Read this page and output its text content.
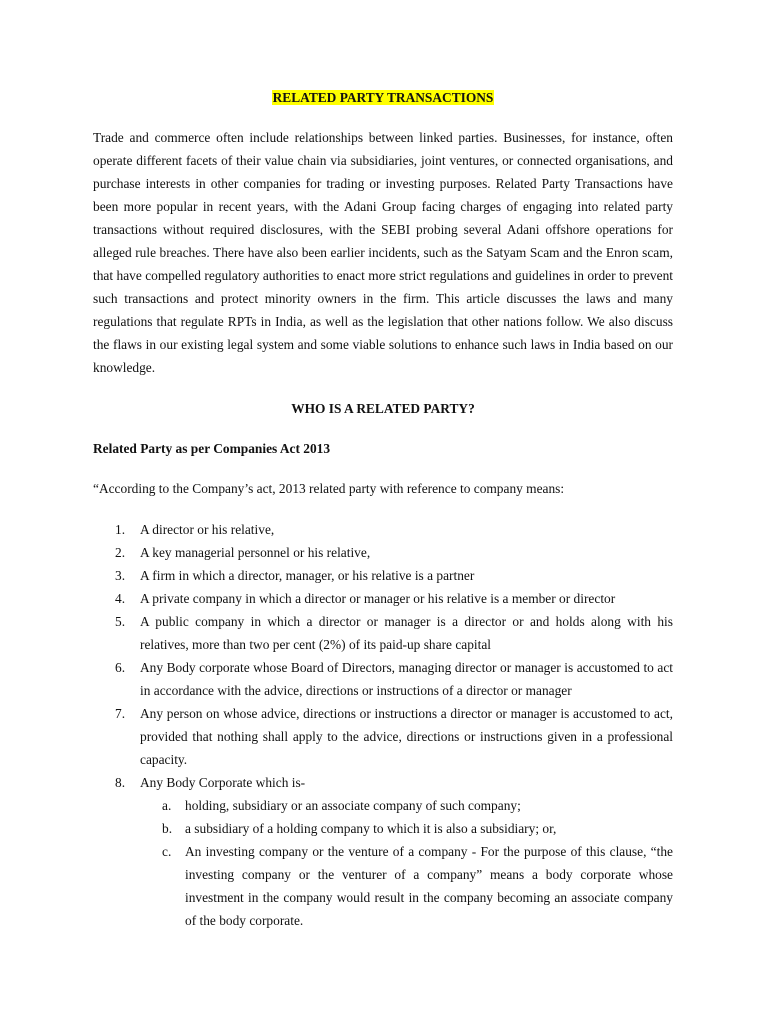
RELATED PARTY TRANSACTIONS

Trade and commerce often include relationships between linked parties. Businesses, for instance, often operate different facets of their value chain via subsidiaries, joint ventures, or connected organisations, and purchase interests in other companies for trading or investing purposes. Related Party Transactions have been more popular in recent years, with the Adani Group facing charges of engaging into related party transactions without required disclosures, with the SEBI probing several Adani offshore operations for alleged rule breaches. There have also been earlier incidents, such as the Satyam Scam and the Enron scam, that have compelled regulatory authorities to enact more strict regulations and guidelines in order to prevent such transactions and protect minority owners in the firm. This article discusses the laws and many regulations that regulate RPTs in India, as well as the legislation that other nations follow. We also discuss the flaws in our existing legal system and some viable solutions to enhance such laws in India based on our knowledge.

WHO IS A RELATED PARTY?
Related Party as per Companies Act 2013

“According to the Company’s act, 2013 related party with reference to company means:

1. A director or his relative,
2. A key managerial personnel or his relative,
3. A firm in which a director, manager, or his relative is a partner
4. A private company in which a director or manager or his relative is a member or director
5. A public company in which a director or manager is a director or and holds along with his relatives, more than two per cent (2%) of its paid-up share capital
6. Any Body corporate whose Board of Directors, managing director or manager is accustomed to act in accordance with the advice, directions or instructions of a director or manager
7. Any person on whose advice, directions or instructions a director or manager is accustomed to act, provided that nothing shall apply to the advice, directions or instructions given in a professional capacity.
8. Any Body Corporate which is-
a. holding, subsidiary or an associate company of such company;
b. a subsidiary of a holding company to which it is also a subsidiary; or,
c. An investing company or the venture of a company - For the purpose of this clause, “the investing company or the venturer of a company” means a body corporate whose investment in the company would result in the company becoming an associate company of the body corporate.
